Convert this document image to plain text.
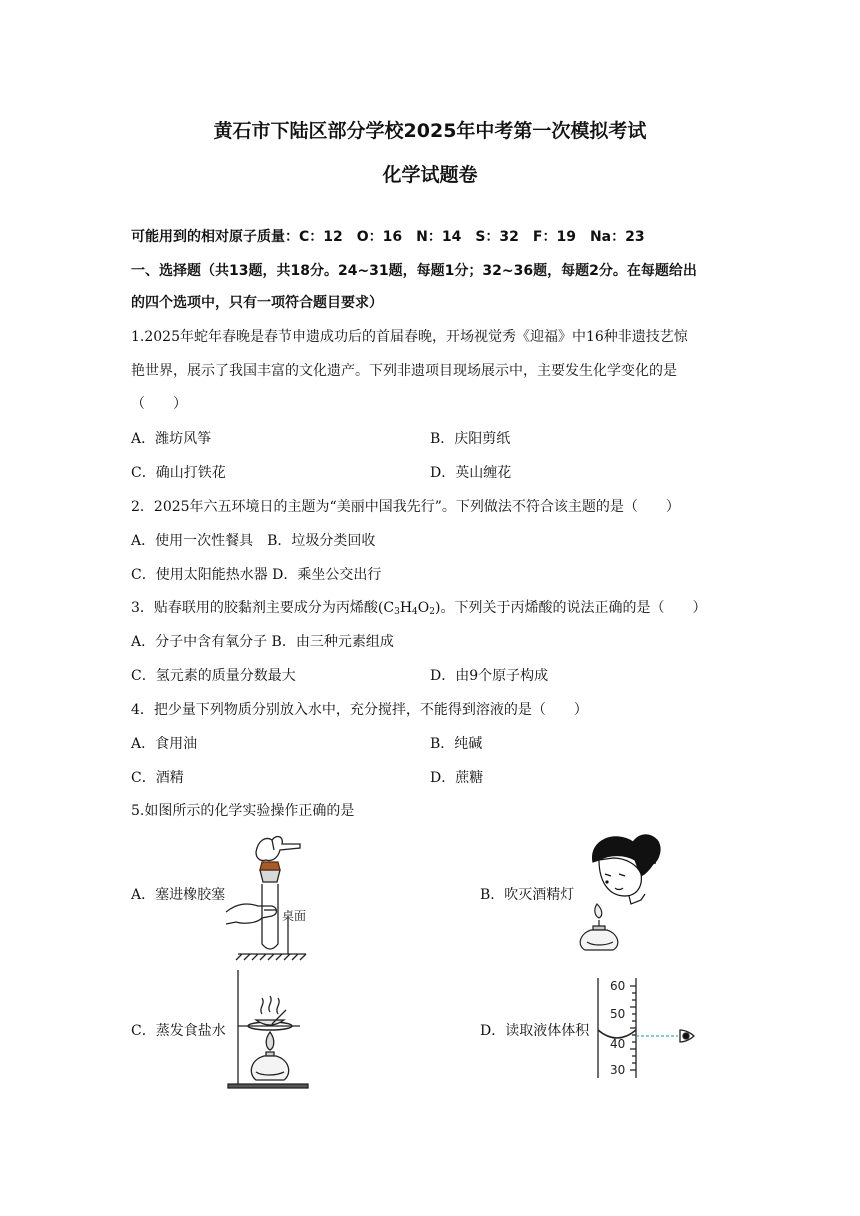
黄石市下陆区部分学校2025年中考第一次模拟考试
化学试题卷
可能用到的相对原子质量：C：12　O：16　N：14　S：32　F：19　Na：23
一、选择题（共13题，共18分。24~31题，每题1分；32~36题，每题2分。在每题给出
的四个选项中，只有一项符合题目要求）
1.2025年蛇年春晚是春节申遗成功后的首届春晚，开场视觉秀《迎福》中16种非遗技艺惊
艳世界，展示了我国丰富的文化遗产。下列非遗项目现场展示中，主要发生化学变化的是
（　　）
A．潍坊风筝	B．庆阳剪纸
C．确山打铁花	D．英山缠花
2．2025年六五环境日的主题为“美丽中国我先行”。下列做法不符合该主题的是（　　）
A．使用一次性餐具　B．垃圾分类回收
C．使用太阳能热水器 D．乘坐公交出行
3．贴春联用的胶黏剂主要成分为丙烯酸$(C_3H_4O_2)$。下列关于丙烯酸的说法正确的是（　　）
A．分子中含有氧分子 B．由三种元素组成
C．氢元素的质量分数最大	D．由9个原子构成
4．把少量下列物质分别放入水中，充分搅拌，不能得到溶液的是（　　）
A．食用油	B．纯碱
C．酒精	D．蔗糖
5.如图所示的化学实验操作正确的是
A．塞进橡胶塞	B．吹灭酒精灯
C．蒸发食盐水	D．读取液体体积
桌面
60
50
40
30
